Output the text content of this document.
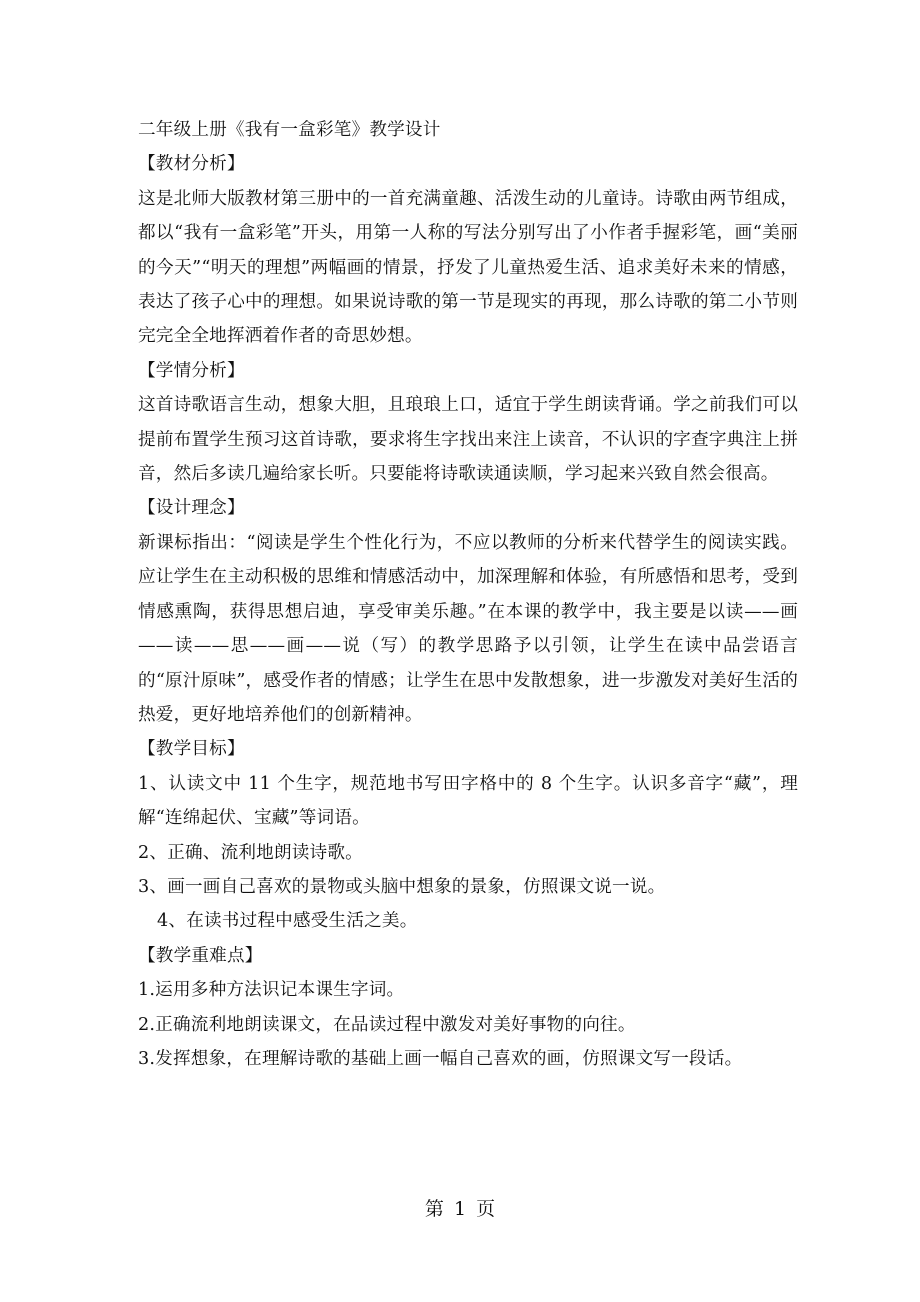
二年级上册《我有一盒彩笔》教学设计
【教材分析】
这是北师大版教材第三册中的一首充满童趣、活泼生动的儿童诗。诗歌由两节组成，都以“我有一盒彩笔”开头，用第一人称的写法分别写出了小作者手握彩笔，画“美丽的今天”“明天的理想”两幅画的情景，抒发了儿童热爱生活、追求美好未来的情感，表达了孩子心中的理想。如果说诗歌的第一节是现实的再现，那么诗歌的第二小节则完完全全地挥洒着作者的奇思妙想。
【学情分析】
这首诗歌语言生动，想象大胆，且琅琅上口，适宜于学生朗读背诵。学之前我们可以提前布置学生预习这首诗歌，要求将生字找出来注上读音，不认识的字查字典注上拼音，然后多读几遍给家长听。只要能将诗歌读通读顺，学习起来兴致自然会很高。
【设计理念】
新课标指出：“阅读是学生个性化行为，不应以教师的分析来代替学生的阅读实践。应让学生在主动积极的思维和情感活动中，加深理解和体验，有所感悟和思考，受到情感熏陶，获得思想启迪，享受审美乐趣。”在本课的教学中，我主要是以读——画——读——思——画——说（写）的教学思路予以引领，让学生在读中品尝语言的“原汁原味”，感受作者的情感；让学生在思中发散想象，进一步激发对美好生活的热爱，更好地培养他们的创新精神。
【教学目标】
1、认读文中 11 个生字，规范地书写田字格中的 8 个生字。认识多音字“藏”，理解“连绵起伏、宝藏”等词语。
2、正确、流利地朗读诗歌。
3、画一画自己喜欢的景物或头脑中想象的景象，仿照课文说一说。
4、在读书过程中感受生活之美。
【教学重难点】
1.运用多种方法识记本课生字词。
2.正确流利地朗读课文，在品读过程中激发对美好事物的向往。
3.发挥想象，在理解诗歌的基础上画一幅自己喜欢的画，仿照课文写一段话。
第 1 页
